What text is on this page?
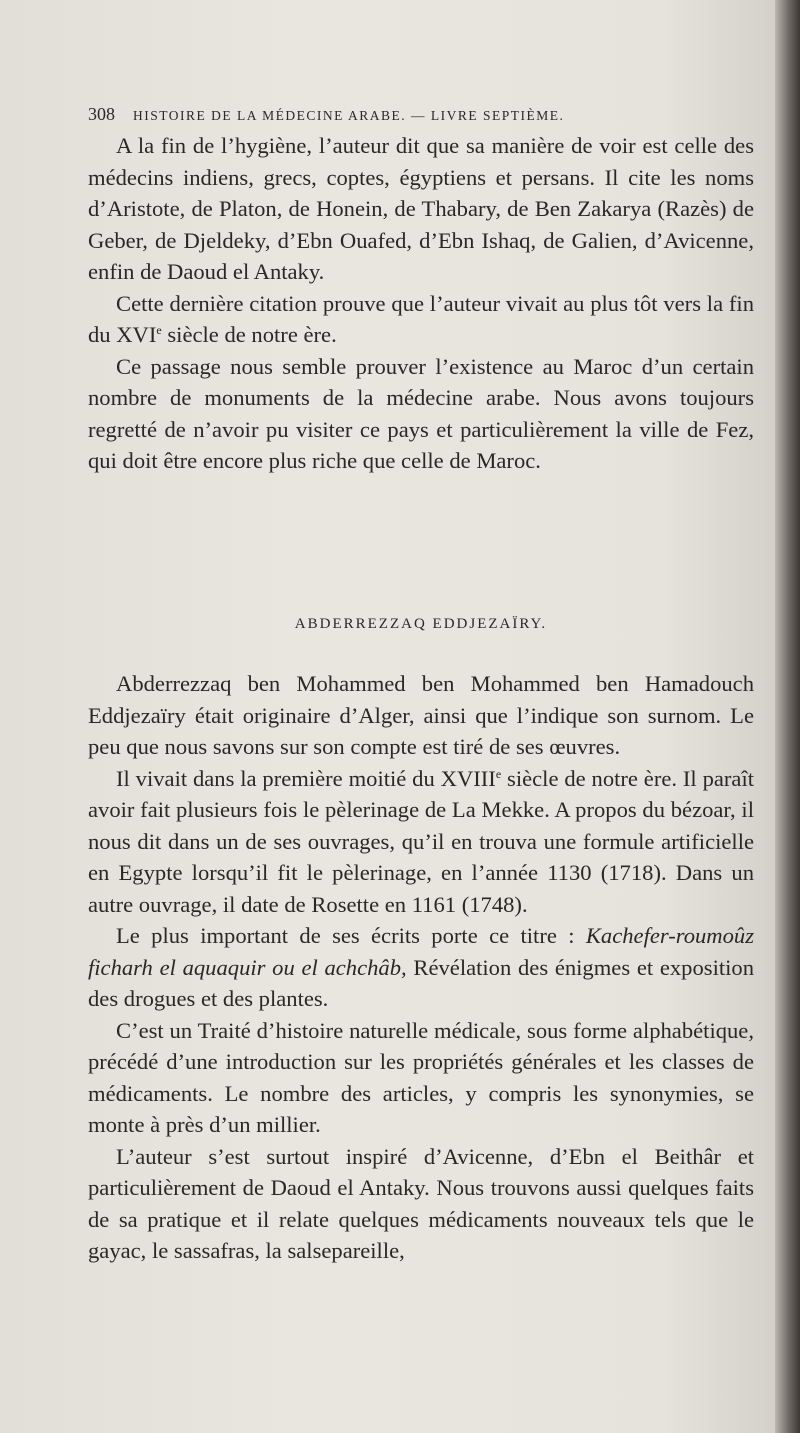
308 HISTOIRE DE LA MÉDECINE ARABE. — LIVRE SEPTIÈME.

A la fin de l’hygiène, l’auteur dit que sa manière de voir est celle des médecins indiens, grecs, coptes, égyptiens et persans. Il cite les noms d’Aristote, de Platon, de Honein, de Thabary, de Ben Zakarya (Razès) de Geber, de Djeldeky, d’Ebn Ouafed, d’Ebn Ishaq, de Galien, d’Avicenne, enfin de Daoud el Antaky.

Cette dernière citation prouve que l’auteur vivait au plus tôt vers la fin du XVIe siècle de notre ère.

Ce passage nous semble prouver l’existence au Maroc d’un certain nombre de monuments de la médecine arabe. Nous avons toujours regretté de n’avoir pu visiter ce pays et particulièrement la ville de Fez, qui doit être encore plus riche que celle de Maroc.

ABDERREZZAQ EDDJEZAÏRY.

Abderrezzaq ben Mohammed ben Mohammed ben Hamadouch Eddjezaïry était originaire d’Alger, ainsi que l’indique son surnom. Le peu que nous savons sur son compte est tiré de ses œuvres.

Il vivait dans la première moitié du XVIIIe siècle de notre ère. Il paraît avoir fait plusieurs fois le pèlerinage de La Mekke. A propos du bézoar, il nous dit dans un de ses ouvrages, qu’il en trouva une formule artificielle en Egypte lorsqu’il fit le pèlerinage, en l’année 1130 (1718). Dans un autre ouvrage, il date de Rosette en 1161 (1748).

Le plus important de ses écrits porte ce titre : Kachefer-roumoûz ficharh el aquaquir ou el achchâb, Révélation des énigmes et exposition des drogues et des plantes.

C’est un Traité d’histoire naturelle médicale, sous forme alphabétique, précédé d’une introduction sur les propriétés générales et les classes de médicaments. Le nombre des articles, y compris les synonymies, se monte à près d’un millier.

L’auteur s’est surtout inspiré d’Avicenne, d’Ebn el Beithâr et particulièrement de Daoud el Antaky. Nous trouvons aussi quelques faits de sa pratique et il relate quelques médicaments nouveaux tels que le gayac, le sassafras, la salsepareille,
